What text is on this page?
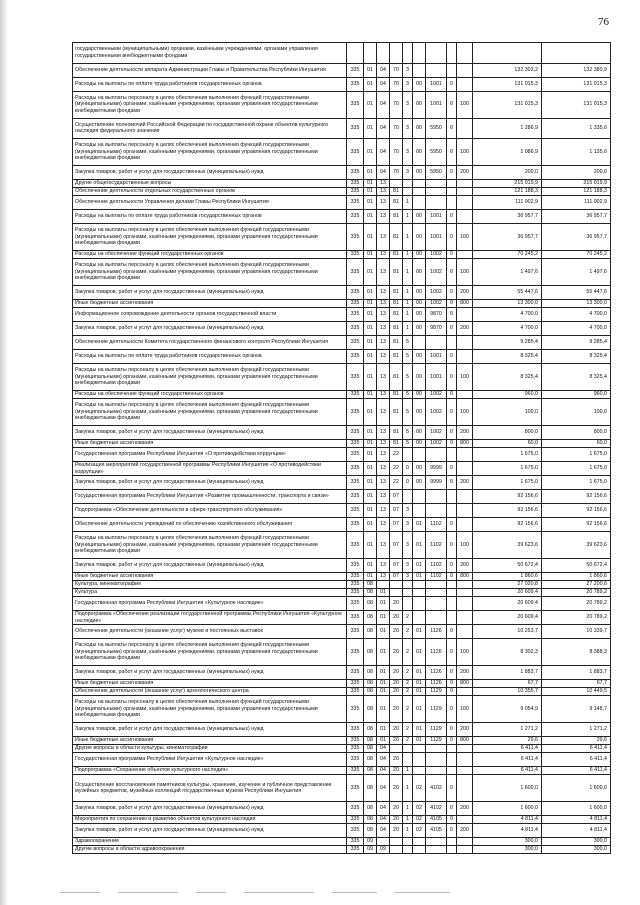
76
государственными (муниципальными) органами, казёнными учреждениями, органами управления государственными внебюджетными фондами											
Обеспечение деятельности аппарата Администрации Главы и Правительства Республики Ингушетия	335	01	04	70	3					132 302,2	132 380,9
Расходы на выплаты по оплате труда работников государственных органов	335	01	04	70	3	00	1001	0		131 015,3	131 015,3
Расходы на выплаты персоналу в целях обеспечения выполнения функций государственными (муниципальными) органами, казёнными учреждениями, органами управления государственными внебюджетными фондами	335	01	04	70	3	00	1001	0	100	131 015,3	131 015,3
Осуществление полномочий Российской Федерации по государственной охране объектов культурного наследия федерального значения	335	01	04	70	3	00	5950	0		1 286,9	1 335,6
Расходы на выплаты персоналу в целях обеспечения выполнения функций государственными (муниципальными) органами, казёнными учреждениями, органами управления государственными внебюджетными фондами	335	01	04	70	3	00	5950	0	100	1 086,9	1 135,6
Закупка товаров, работ и услуг для государственных (муниципальных) нужд	335	01	04	70	3	00	5950	0	200	200,0	200,0
Другие общегосударственные вопросы	335	01	13							215 019,9	215 019,9
Обеспечение деятельности отдельных государственных органов	335	01	13	81						121 188,3	121 188,3
Обеспечение деятельности Управления делами Главы Республики Ингушетия	335	01	13	81	1					111 902,9	111 902,9
Расходы на выплаты по оплате труда работников государственных органов	335	01	13	81	1	00	1001	0		36 957,7	36 957,7
Расходы на выплаты персоналу в целях обеспечения выполнения функций государственными (муниципальными) органами, казёнными учреждениями, органами управления государственными внебюджетными фондами	335	01	13	81	1	00	1001	0	100	36 957,7	36 957,7
Расходы на обеспечение функций государственных органов	335	01	13	81	1	00	1002	0		70 245,2	70 245,2
Расходы на выплаты персоналу в целях обеспечения выполнения функций государственными (муниципальными) органами, казёнными учреждениями, органами управления государственными внебюджетными фондами	335	01	13	81	1	00	1002	0	100	1 497,6	1 497,6
Закупка товаров, работ и услуг для государственных (муниципальных) нужд	335	01	13	81	1	00	1002	0	200	55 447,6	55 447,6
Иные бюджетные ассигнования	335	01	13	81	1	00	1002	0	800	13 300,0	13 300,0
Информационное сопровождение деятельности органов государственной власти	335	01	13	81	1	00	9870	0		4 700,0	4 700,0
Закупка товаров, работ и услуг для государственных (муниципальных) нужд	335	01	13	81	1	00	9870	0	200	4 700,0	4 700,0
Обеспечение деятельности Комитета государственного финансового контроля Республики Ингушетия	335	01	13	81	5					9 285,4	9 285,4
Расходы на выплаты по оплате труда работников государственных органов	335	01	13	81	5	00	1001	0		8 325,4	8 325,4
Расходы на выплаты персоналу в целях обеспечения выполнения функций государственными (муниципальными) органами, казёнными учреждениями, органами управления государственными внебюджетными фондами	335	01	13	81	5	00	1001	0	100	8 325,4	8 325,4
Расходы на обеспечение функций государственных органов	335	01	13	81	5	00	1002	0		960,0	960,0
Расходы на выплаты персоналу в целях обеспечения выполнения функций государственными (муниципальными) органами, казёнными учреждениями, органами управления государственными внебюджетными фондами	335	01	13	81	5	00	1002	0	100	100,0	100,0
Закупка товаров, работ и услуг для государственных (муниципальных) нужд	335	01	13	81	5	00	1002	0	200	800,0	800,0
Иные бюджетные ассигнования	335	01	13	81	5	00	1002	0	800	60,0	60,0
Государственная программа Республики Ингушетия «О противодействии коррупции»	335	01	13	22						1 675,0	1 675,0
Реализация мероприятий государственной программы Республики Ингушетия «О противодействии коррупции»	335	01	13	22	0	00	9999	0		1 675,0	1 675,0
Закупка товаров, работ и услуг для государственных (муниципальных) нужд	335	01	13	22	0	00	9999	0	200	1 675,0	1 675,0
Государственная программа Республики Ингушетия «Развитие промышленности, транспорта и связи»	335	01	13	07						92 156,6	92 156,6
Подпрограмма «Обеспечение деятельности в сфере транспортного обслуживания»	335	01	13	07	3					92 156,6	92 156,6
Обеспечение деятельности учреждений по обеспечению хозяйственного обслуживания	335	01	13	07	3	01	1102	0		92 156,6	92 156,6
Расходы на выплаты персоналу в целях обеспечения выполнения функций государственными (муниципальными) органами, казёнными учреждениями, органами управления государственными внебюджетными фондами	335	01	13	07	3	01	1102	0	100	39 623,6	39 623,6
Закупка товаров, работ и услуг для государственных (муниципальных) нужд	335	01	13	07	3	01	1102	0	200	50 672,4	50 672,4
Иные бюджетные ассигнования	335	01	13	07	3	01	1102	0	800	1 860,6	1 860,6
Культура, кинематография	335	08								27 020,8	27 200,6
Культура	335	08	01							20 609,4	20 789,2
Государственная программа Республики Ингушетия «Культурное наследие»	335	08	01	20						20 609,4	20 789,2
Подпрограмма «Обеспечение реализации государственной программы Республики Ингушетия «Культурное наследие»	335	08	01	20	2					20 609,4	20 789,2
Обеспечение деятельности (оказание услуг) музеев и постоянных выставок	335	08	01	20	2	01	1126	0		10 253,7	10 339,7
Расходы на выплаты персоналу в целях обеспечения выполнения функций государственными (муниципальными) органами, казёнными учреждениями, органами управления государственными внебюджетными фондами	335	08	01	20	2	01	1126	0	100	8 302,3	8 388,3
Закупка товаров, работ и услуг для государственных (муниципальных) нужд	335	08	01	20	2	01	1126	0	200	1 883,7	1 883,7
Иные бюджетные ассигнования	335	08	01	20	2	01	1126	0	800	67,7	67,7
Обеспечение деятельности (оказание услуг) археологического центра	335	08	01	20	2	01	1129	0		10 355,7	10 449,5
Расходы на выплаты персоналу в целях обеспечения выполнения функций государственными (муниципальными) органами, казёнными учреждениями, органами управления государственными внебюджетными фондами	335	08	01	20	2	01	1129	0	100	9 054,9	9 148,7
Закупка товаров, работ и услуг для государственных (муниципальных) нужд	335	08	01	20	2	01	1129	0	200	1 271,2	1 271,2
Иные бюджетные ассигнования	335	08	01	20	2	01	1129	0	800	29,6	29,6
Другие вопросы в области культуры, кинематографии	335	08	04							6 411,4	6 411,4
Государственная программа Республики Ингушетия «Культурное наследие»	335	08	04	20						6 411,4	6 411,4
Подпрограмма «Сохранение объектов культурного наследия»	335	08	04	20	1					6 411,4	6 411,4
Осуществление восстановления памятников культуры, хранение, изучение и публичное представление музейных предметов, музейных коллекций государственных музеев Республики Ингушетия	335	08	04	20	1	02	4102	0		1 600,0	1 600,0
Закупка товаров, работ и услуг для государственных (муниципальных) нужд	335	08	04	20	1	02	4102	0	200	1 600,0	1 600,0
Мероприятия по сохранению и развитию объектов культурного наследия	335	08	04	20	1	02	4105	0		4 811,4	4 811,4
Закупка товаров, работ и услуг для государственных (муниципальных) нужд	335	08	04	20	1	02	4105	0	200	4 811,4	4 811,4
Здравоохранение	335	09								300,0	300,0
Другие вопросы в области здравоохранения	335	09	09							300,0	300,0
